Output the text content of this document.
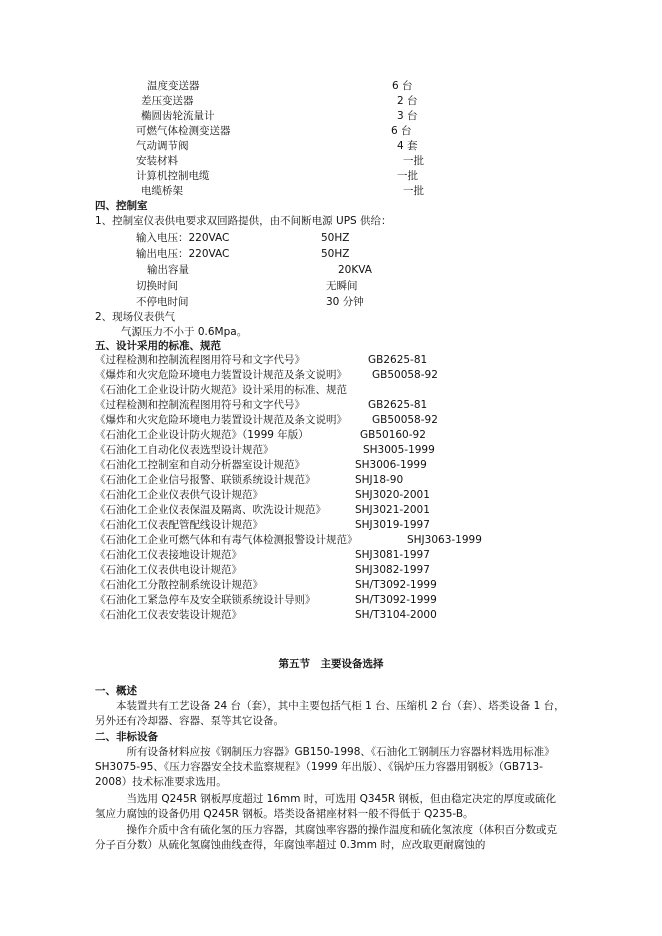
温度变送器	6 台
差压变送器	2 台
椭圆齿轮流量计	3 台
可燃气体检测变送器	6 台
气动调节阀	4 套
安装材料	一批
计算机控制电缆	一批
电缆桥架	一批
四、控制室
1、控制室仪表供电要求双回路提供，由不间断电源 UPS 供给：
输入电压：220VAC	50HZ
输出电压：220VAC	50HZ
输出容量	20KVA
切换时间	无瞬间
不停电时间	30 分钟
2、现场仪表供气
气源压力不小于 0.6Mpa。
五、设计采用的标准、规范
《过程检测和控制流程图用符号和文字代号》	GB2625-81
《爆炸和火灾危险环境电力装置设计规范及条文说明》 GB50058-92
《石油化工企业设计防火规范》设计采用的标准、规范
《过程检测和控制流程图用符号和文字代号》	GB2625-81
《爆炸和火灾危险环境电力装置设计规范及条文说明》 GB50058-92
《石油化工企业设计防火规范》（1999 年版）	GB50160-92
《石油化工自动化仪表选型设计规范》	SH3005-1999
《石油化工控制室和自动分析器室设计规范》	SH3006-1999
《石油化工企业信号报警、联锁系统设计规范》	SHJ18-90
《石油化工企业仪表供气设计规范》	SHJ3020-2001
《石油化工企业仪表保温及隔离、吹洗设计规范》	SHJ3021-2001
《石油化工仪表配管配线设计规范》	SHJ3019-1997
《石油化工企业可燃气体和有毒气体检测报警设计规范》	SHJ3063-1999
《石油化工仪表接地设计规范》	SHJ3081-1997
《石油化工仪表供电设计规范》	SHJ3082-1997
《石油化工分散控制系统设计规范》	SH/T3092-1999
《石油化工紧急停车及安全联锁系统设计导则》	SH/T3092-1999
《石油化工仪表安装设计规范》	SH/T3104-2000
第五节　主要设备选择
一、概述
本装置共有工艺设备 24 台（套），其中主要包括气柜 1 台、压缩机 2 台（套）、塔类设备 1 台，另外还有冷却器、容器、泵等其它设备。
二、非标设备
所有设备材料应按《钢制压力容器》GB150-1998、《石油化工钢制压力容器材料选用标准》SH3075-95、《压力容器安全技术监察规程》（1999 年出版）、《锅炉压力容器用钢板》（GB713-2008）技术标准要求选用。
当选用 Q245R 钢板厚度超过 16mm 时，可选用 Q345R 钢板，但由稳定决定的厚度或硫化氢应力腐蚀的设备仍用 Q245R 钢板。塔类设备裙座材料一般不得低于 Q235-B。
操作介质中含有硫化氢的压力容器，其腐蚀率容器的操作温度和硫化氢浓度（体积百分数或克分子百分数）从硫化氢腐蚀曲线查得，年腐蚀率超过 0.3mm 时，应改取更耐腐蚀的
